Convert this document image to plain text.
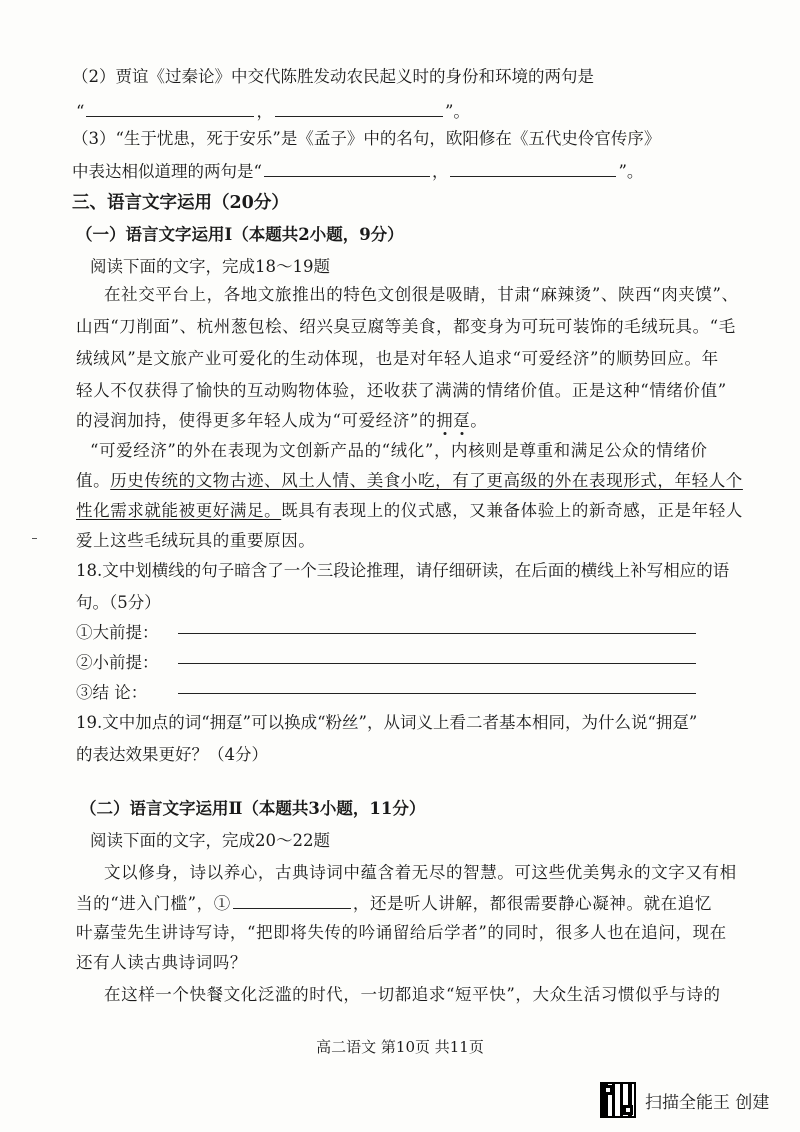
（2）贾谊《过秦论》中交代陈胜发动农民起义时的身份和环境的两句是
“	，	”。
（3）“生于忧患，死于安乐”是《孟子》中的名句，欧阳修在《五代史伶官传序》
中表达相似道理的两句是“	，	”。
三、语言文字运用（20分）
（一）语言文字运用Ⅰ（本题共2小题，9分）
阅读下面的文字，完成18～19题
在社交平台上，各地文旅推出的特色文创很是吸睛，甘肃“麻辣烫”、陕西“肉夹馍”、
山西“刀削面”、杭州葱包桧、绍兴臭豆腐等美食，都变身为可玩可装饰的毛绒玩具。“毛
绒绒风”是文旅产业可爱化的生动体现，也是对年轻人追求“可爱经济”的顺势回应。年
轻人不仅获得了愉快的互动购物体验，还收获了满满的情绪价值。正是这种“情绪价值”
的浸润加持，使得更多年轻人成为“可爱经济”的拥趸。
“可爱经济”的外在表现为文创新产品的“绒化”，内核则是尊重和满足公众的情绪价
值。历史传统的文物古迹、风土人情、美食小吃，有了更高级的外在表现形式，年轻人个
性化需求就能被更好满足。既具有表现上的仪式感，又兼备体验上的新奇感，正是年轻人
爱上这些毛绒玩具的重要原因。
18.文中划横线的句子暗含了一个三段论推理，请仔细研读，在后面的横线上补写相应的语
句。（5分）
①大前提：
②小前提：
③结 论：
19.文中加点的词“拥趸”可以换成“粉丝”，从词义上看二者基本相同，为什么说“拥趸”
的表达效果更好？（4分）
（二）语言文字运用Ⅱ（本题共3小题，11分）
阅读下面的文字，完成20～22题
文以修身，诗以养心，古典诗词中蕴含着无尽的智慧。可这些优美隽永的文字又有相
当的“进入门槛”，①	，还是听人讲解，都很需要静心凝神。就在追忆
叶嘉莹先生讲诗写诗，“把即将失传的吟诵留给后学者”的同时，很多人也在追问，现在
还有人读古典诗词吗？
在这样一个快餐文化泛滥的时代，一切都追求“短平快”，大众生活习惯似乎与诗的
高二语文 第10页 共11页
扫描全能王 创建
